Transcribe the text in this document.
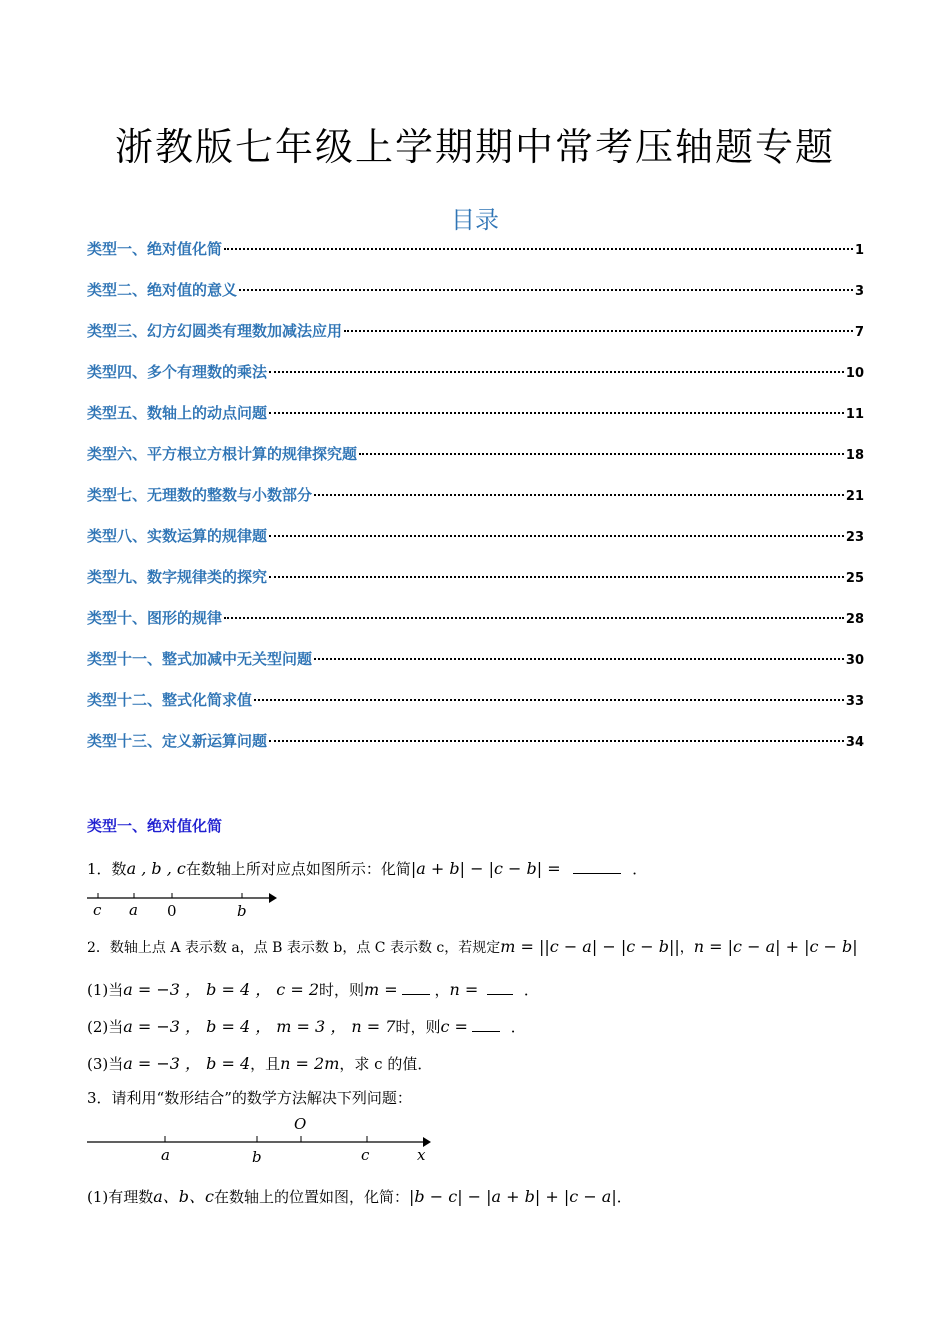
浙教版七年级上学期期中常考压轴题专题
目录
类型一、绝对值化简	1
类型二、绝对值的意义	3
类型三、幻方幻圆类有理数加减法应用	7
类型四、多个有理数的乘法	10
类型五、数轴上的动点问题	11
类型六、平方根立方根计算的规律探究题	18
类型七、无理数的整数与小数部分	21
类型八、实数运算的规律题	23
类型九、数字规律类的探究	25
类型十、图形的规律	28
类型十一、整式加减中无关型问题	30
类型十二、整式化简求值	33
类型十三、定义新运算问题	34
类型一、绝对值化简
1．数a , b , c在数轴上所对应点如图所示：化简|a + b| − |c − b| =	．
c a 0	b
2．数轴上点 A 表示数 a，点 B 表示数 b，点 C 表示数 c，若规定m = ||c − a| − |c − b||，n = |c − a| + |c − b|
(1)当a = −3 ， b = 4 ， c = 2时，则m = ，n =	．
(2)当a = −3 ， b = 4 ， m = 3 ， n = 7时，则c =	．
(3)当a = −3 ， b = 4，且n = 2m，求 c 的值．
3．请利用“数形结合”的数学方法解决下列问题：
O
a	b	c	x
(1)有理数a、b、c在数轴上的位置如图，化简：|b − c| − |a + b| + |c − a|．
